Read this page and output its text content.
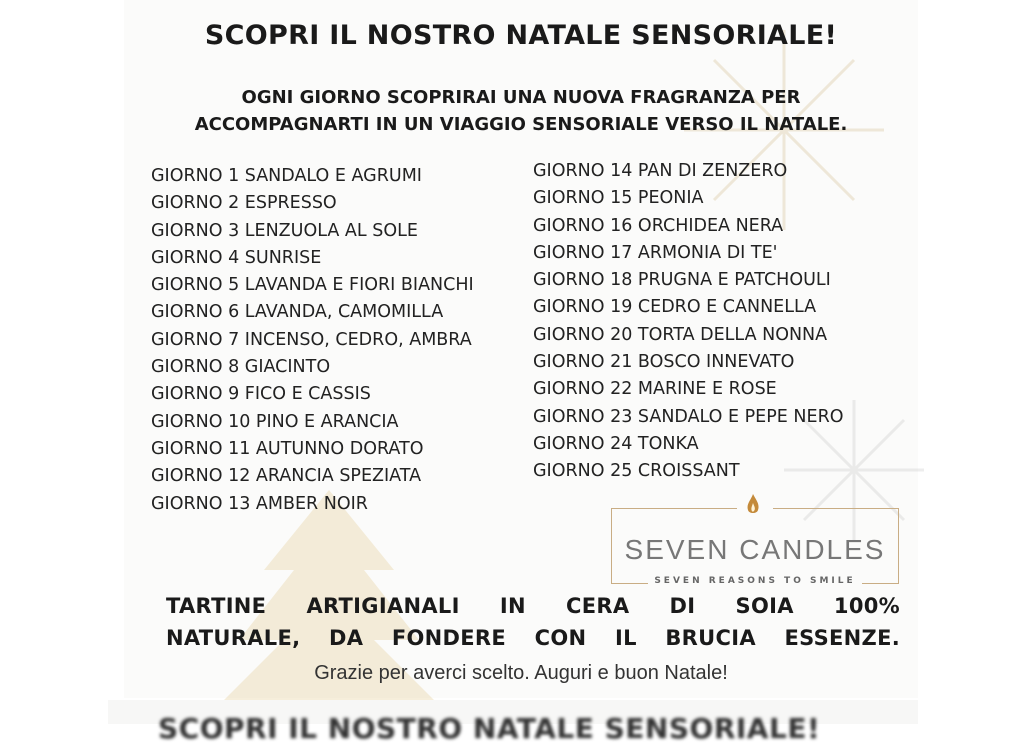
SCOPRI IL NOSTRO NATALE SENSORIALE!
OGNI GIORNO SCOPRIRAI UNA NUOVA FRAGRANZA PER
ACCOMPAGNARTI IN UN VIAGGIO SENSORIALE VERSO IL NATALE.
GIORNO 1 SANDALO E AGRUMI
GIORNO 2 ESPRESSO
GIORNO 3 LENZUOLA AL SOLE
GIORNO 4 SUNRISE
GIORNO 5 LAVANDA E FIORI BIANCHI
GIORNO 6 LAVANDA, CAMOMILLA
GIORNO 7 INCENSO, CEDRO, AMBRA
GIORNO 8 GIACINTO
GIORNO 9 FICO E CASSIS
GIORNO 10 PINO E ARANCIA
GIORNO 11 AUTUNNO DORATO
GIORNO 12 ARANCIA SPEZIATA
GIORNO 13 AMBER NOIR
GIORNO 14 PAN DI ZENZERO
GIORNO 15 PEONIA
GIORNO 16 ORCHIDEA NERA
GIORNO 17 ARMONIA DI TE'
GIORNO 18 PRUGNA E PATCHOULI
GIORNO 19 CEDRO E CANNELLA
GIORNO 20 TORTA DELLA NONNA
GIORNO 21 BOSCO INNEVATO
GIORNO 22 MARINE E ROSE
GIORNO 23 SANDALO E PEPE NERO
GIORNO 24 TONKA
GIORNO 25 CROISSANT
SEVEN CANDLES
SEVEN REASONS TO SMILE
TARTINE ARTIGIANALI IN CERA DI SOIA 100%
NATURALE, DA FONDERE CON IL BRUCIA ESSENZE.
Grazie per averci scelto. Auguri e buon Natale!
SCOPRI IL NOSTRO NATALE SENSORIALE!
